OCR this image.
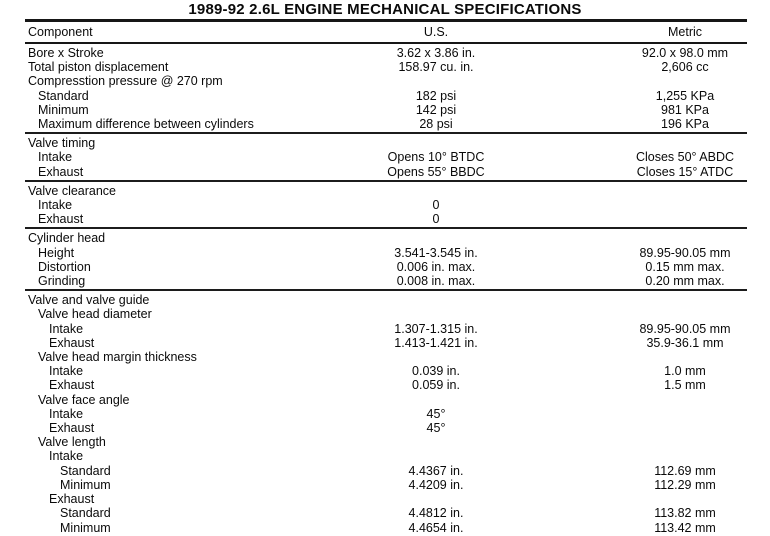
1989-92 2.6L ENGINE MECHANICAL SPECIFICATIONS
Component	U.S.	Metric
Bore x Stroke	3.62 x 3.86 in.	92.0 x 98.0 mm
Total piston displacement	158.97 cu. in.	2,606 cc
Compresstion pressure @ 270 rpm
Standard	182 psi	1,255 KPa
Minimum	142 psi	981 KPa
Maximum difference between cylinders	28 psi	196 KPa
Valve timing
Intake	Opens 10° BTDC	Closes 50° ABDC
Exhaust	Opens 55° BBDC	Closes 15° ATDC
Valve clearance
Intake	0
Exhaust	0
Cylinder head
Height	3.541-3.545 in.	89.95-90.05 mm
Distortion	0.006 in. max.	0.15 mm max.
Grinding	0.008 in. max.	0.20 mm max.
Valve and valve guide
Valve head diameter
Intake	1.307-1.315 in.	89.95-90.05 mm
Exhaust	1.413-1.421 in.	35.9-36.1 mm
Valve head margin thickness
Intake	0.039 in.	1.0 mm
Exhaust	0.059 in.	1.5 mm
Valve face angle
Intake	45°
Exhaust	45°
Valve length
Intake
Standard	4.4367 in.	112.69 mm
Minimum	4.4209 in.	112.29 mm
Exhaust
Standard	4.4812 in.	113.82 mm
Minimum	4.4654 in.	113.42 mm
